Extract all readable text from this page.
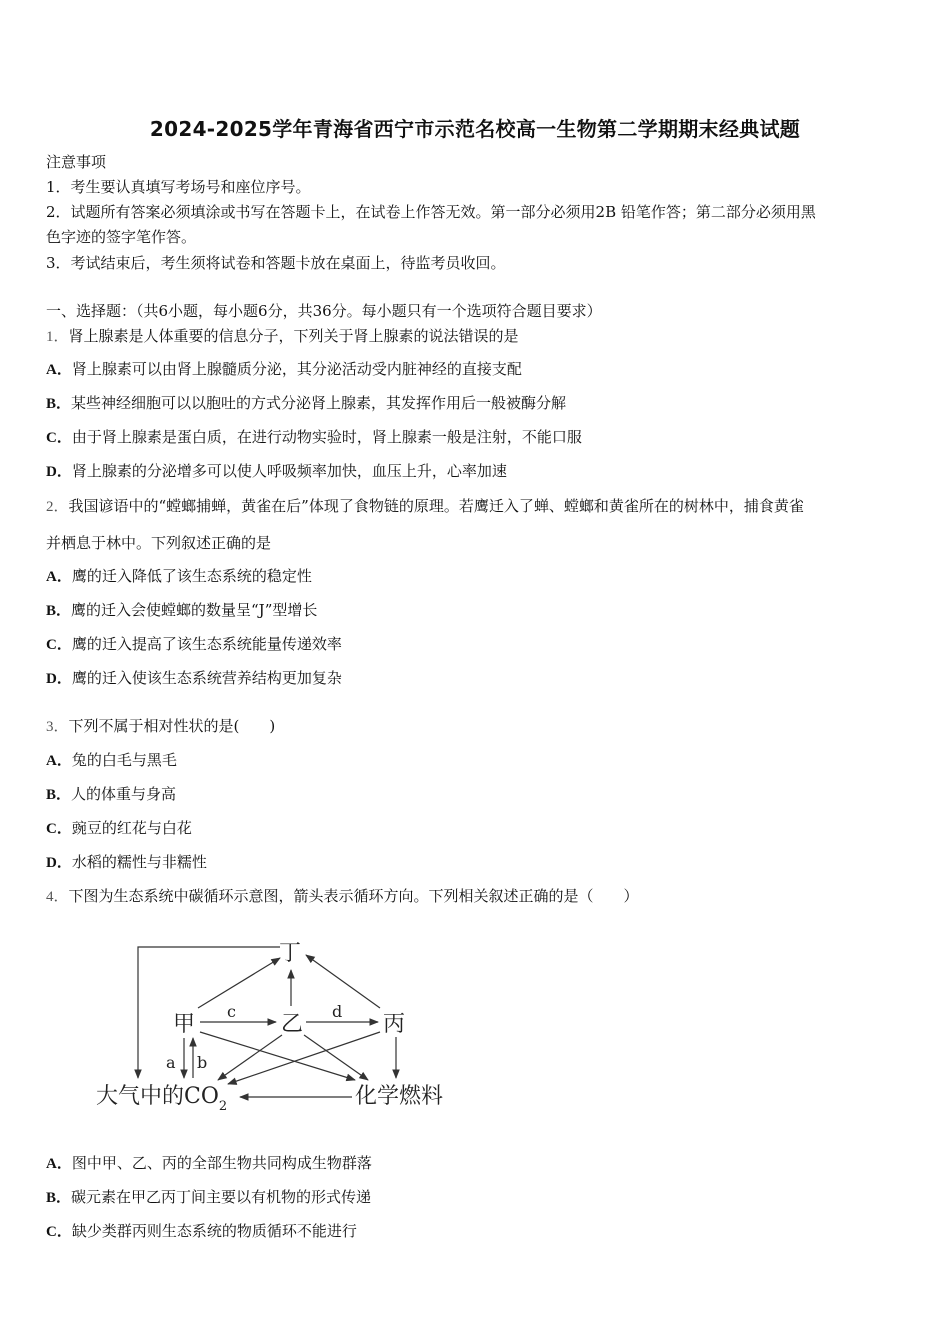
2024-2025学年青海省西宁市示范名校高一生物第二学期期末经典试题
注意事项
1．考生要认真填写考场号和座位序号。
2．试题所有答案必须填涂或书写在答题卡上，在试卷上作答无效。第一部分必须用2B 铅笔作答；第二部分必须用黑
色字迹的签字笔作答。
3．考试结束后，考生须将试卷和答题卡放在桌面上，待监考员收回。
一、选择题：（共6小题，每小题6分，共36分。每小题只有一个选项符合题目要求）
1．肾上腺素是人体重要的信息分子，下列关于肾上腺素的说法错误的是
A．肾上腺素可以由肾上腺髓质分泌，其分泌活动受内脏神经的直接支配
B．某些神经细胞可以以胞吐的方式分泌肾上腺素，其发挥作用后一般被酶分解
C．由于肾上腺素是蛋白质，在进行动物实验时，肾上腺素一般是注射，不能口服
D．肾上腺素的分泌增多可以使人呼吸频率加快，血压上升，心率加速
2．我国谚语中的“螳螂捕蝉，黄雀在后”体现了食物链的原理。若鹰迁入了蝉、螳螂和黄雀所在的树林中，捕食黄雀
并栖息于林中。下列叙述正确的是
A．鹰的迁入降低了该生态系统的稳定性
B．鹰的迁入会使螳螂的数量呈“J”型增长
C．鹰的迁入提高了该生态系统能量传递效率
D．鹰的迁入使该生态系统营养结构更加复杂
3．下列不属于相对性状的是(　　)
A．兔的白毛与黑毛
B．人的体重与身高
C．豌豆的红花与白花
D．水稻的糯性与非糯性
4．下图为生态系统中碳循环示意图，箭头表示循环方向。下列相关叙述正确的是（　　）
丁
甲	乙	丙
大气中的$CO_2$	化学燃料
c	d
a b
A．图中甲、乙、丙的全部生物共同构成生物群落
B．碳元素在甲乙丙丁间主要以有机物的形式传递
C．缺少类群丙则生态系统的物质循环不能进行
